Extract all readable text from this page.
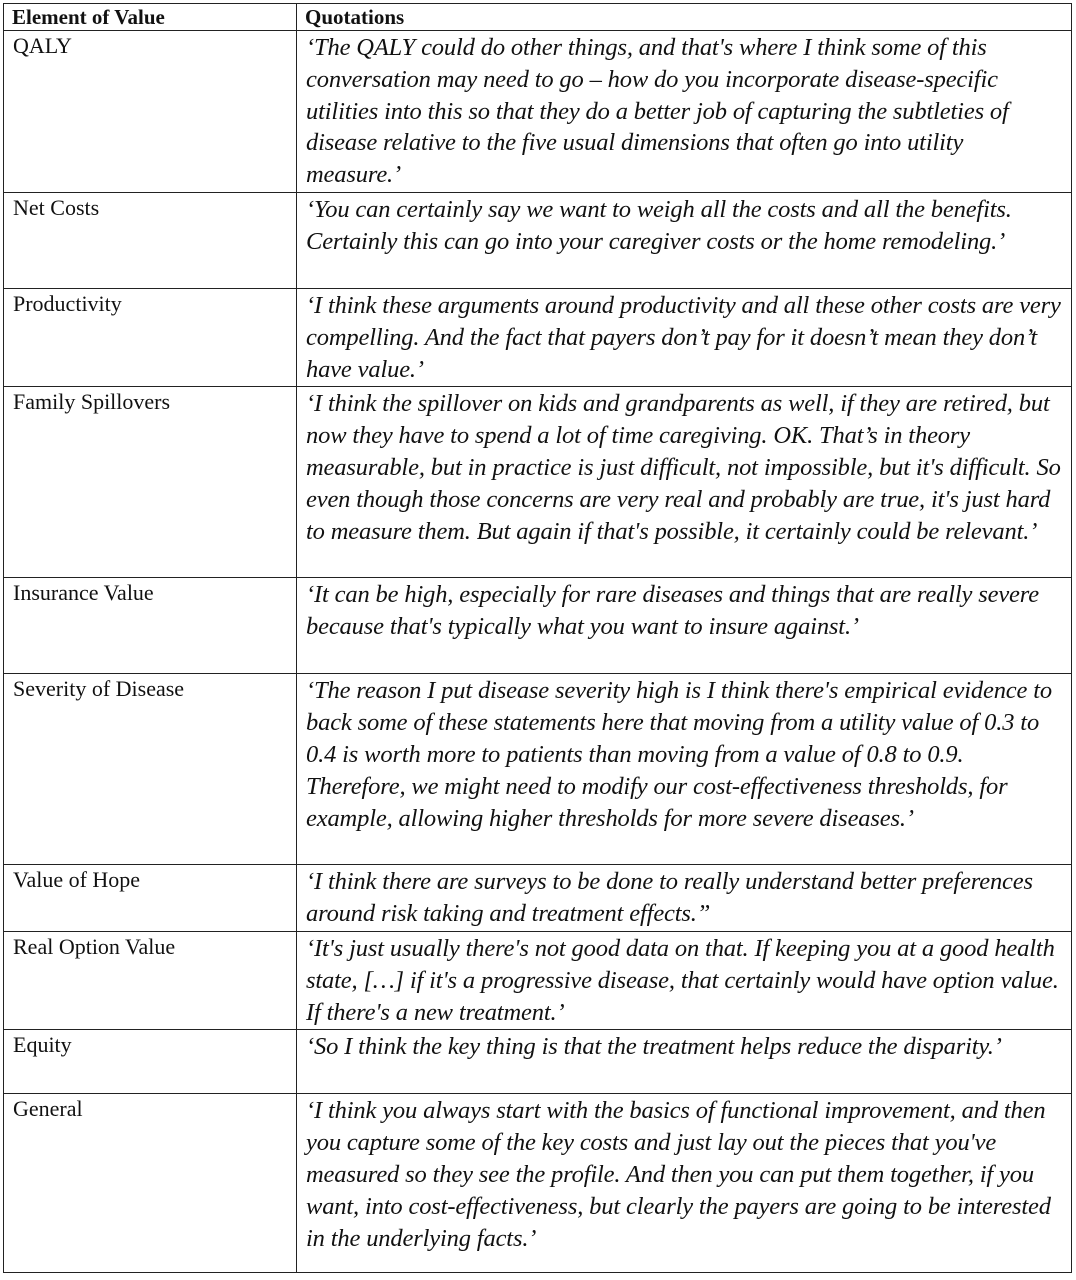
Element of Value	Quotations
QALY	‘The QALY could do other things, and that's where I think some of this conversation may need to go – how do you incorporate disease-specific utilities into this so that they do a better job of capturing the subtleties of disease relative to the five usual dimensions that often go into utility measure.’
Net Costs	‘You can certainly say we want to weigh all the costs and all the benefits. Certainly this can go into your caregiver costs or the home remodeling.’
Productivity	‘I think these arguments around productivity and all these other costs are very compelling. And the fact that payers don’t pay for it doesn’t mean they don’t have value.’
Family Spillovers	‘I think the spillover on kids and grandparents as well, if they are retired, but now they have to spend a lot of time caregiving. OK. That’s in theory measurable, but in practice is just difficult, not impossible, but it's difficult. So even though those concerns are very real and probably are true, it's just hard to measure them. But again if that's possible, it certainly could be relevant.’
Insurance Value	‘It can be high, especially for rare diseases and things that are really severe because that's typically what you want to insure against.’
Severity of Disease	‘The reason I put disease severity high is I think there's empirical evidence to back some of these statements here that moving from a utility value of 0.3 to 0.4 is worth more to patients than moving from a value of 0.8 to 0.9. Therefore, we might need to modify our cost-effectiveness thresholds, for example, allowing higher thresholds for more severe diseases.’
Value of Hope	‘I think there are surveys to be done to really understand better preferences around risk taking and treatment effects.”
Real Option Value	‘It's just usually there's not good data on that. If keeping you at a good health state, […] if it's a progressive disease, that certainly would have option value. If there's a new treatment.’
Equity	‘So I think the key thing is that the treatment helps reduce the disparity.’
General	‘I think you always start with the basics of functional improvement, and then you capture some of the key costs and just lay out the pieces that you've measured so they see the profile. And then you can put them together, if you want, into cost-effectiveness, but clearly the payers are going to be interested in the underlying facts.’
